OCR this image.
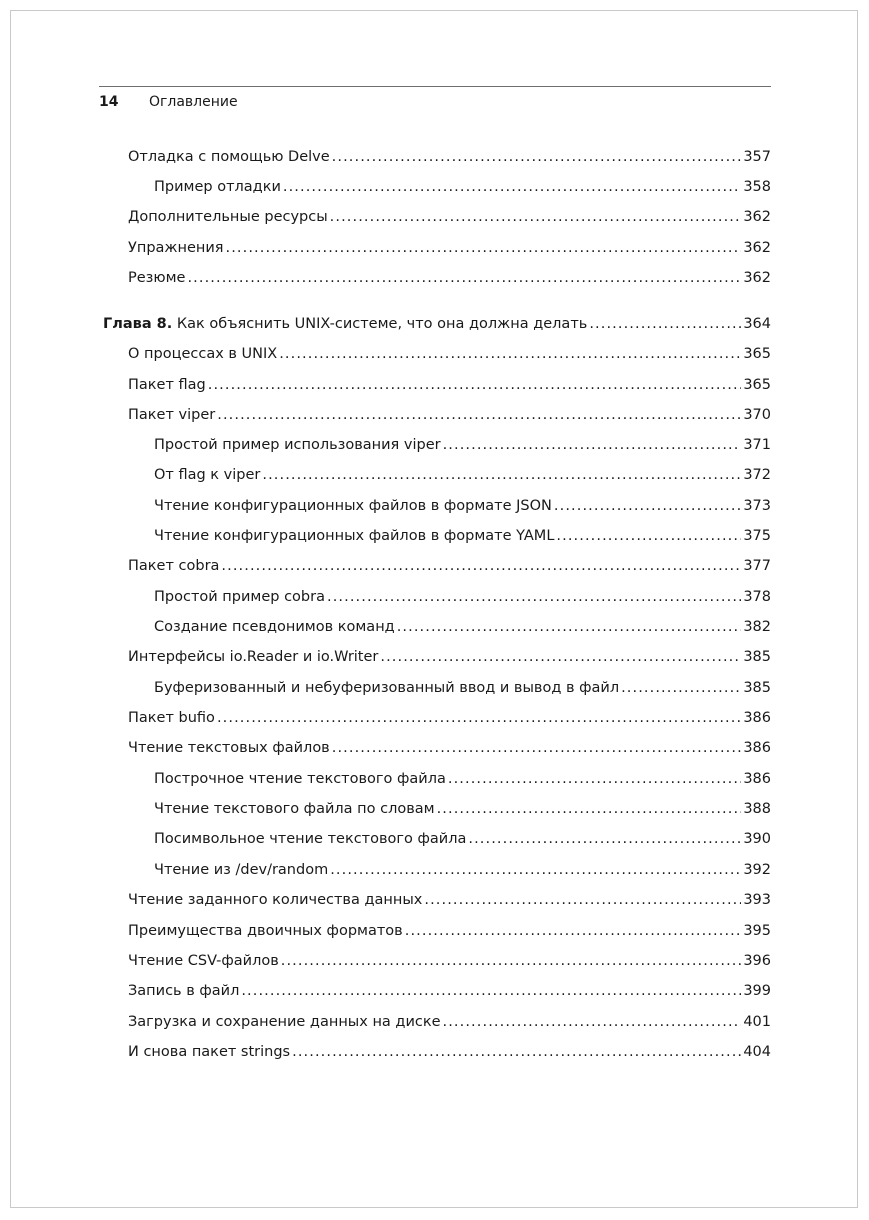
14 Оглавление
Отладка с помощью Delve .....	357
Пример отладки .....	358
Дополнительные ресурсы .....	362
Упражнения .....	362
Резюме .....	362
Глава 8. Как объяснить UNIX-системе, что она должна делать .....	364
О процессах в UNIX .....	365
Пакет flag .....	365
Пакет viper .....	370
Простой пример использования viper .....	371
От flag к viper .....	372
Чтение конфигурационных файлов в формате JSON .....	373
Чтение конфигурационных файлов в формате YAML .....	375
Пакет cobra .....	377
Простой пример cobra .....	378
Создание псевдонимов команд .....	382
Интерфейсы io.Reader и io.Writer .....	385
Буферизованный и небуферизованный ввод и вывод в файл .....	385
Пакет bufio .....	386
Чтение текстовых файлов .....	386
Построчное чтение текстового файла .....	386
Чтение текстового файла по словам .....	388
Посимвольное чтение текстового файла .....	390
Чтение из /dev/random .....	392
Чтение заданного количества данных .....	393
Преимущества двоичных форматов .....	395
Чтение CSV-файлов .....	396
Запись в файл .....	399
Загрузка и сохранение данных на диске .....	401
И снова пакет strings .....	404
